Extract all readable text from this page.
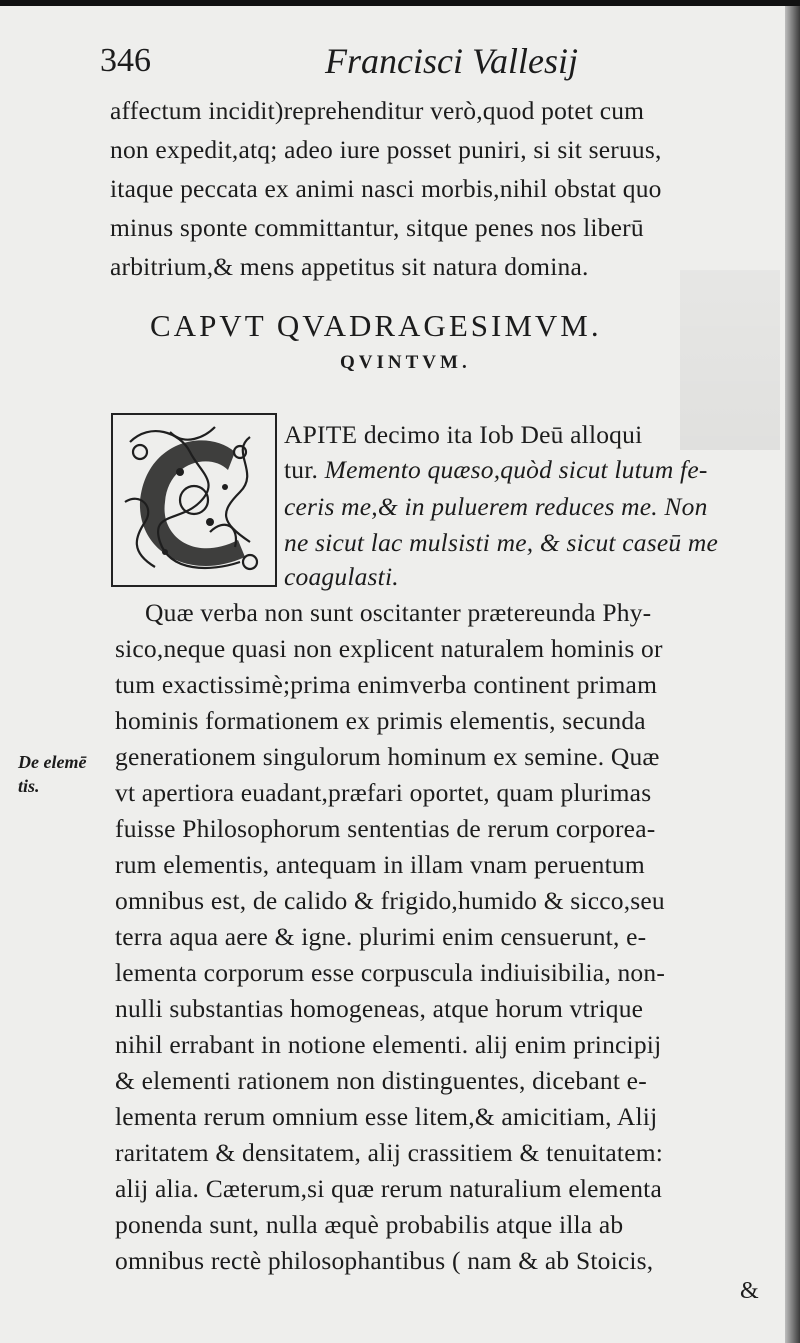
346	Francisci Vallesij
affectum incidit)reprehenditur verò,quod potet cum
non expedit,atq; adeo iure posset puniri, si sit seruus,
itaque peccata ex animi nasci morbis,nihil obstat quo
minus sponte committantur, sitque penes nos liberū
arbitrium,& mens appetitus sit natura domina.
CAPVT QVADRAGESIMVM.
QVINTVM.
APITE decimo ita Iob Deū alloqui
tur. Memento quæso,quòd sicut lutum fe-
ceris me,& in puluerem reduces me. Non
ne sicut lac mulsisti me, & sicut caseū me
coagulasti.
Quæ verba non sunt oscitanter prætereunda Phy-
sico,neque quasi non explicent naturalem hominis or
tum exactissimè;prima enimverba continent primam
hominis formationem ex primis elementis, secunda
generationem singulorum hominum ex semine. Quæ
vt apertiora euadant,præfari oportet, quam plurimas
fuisse Philosophorum sententias de rerum corporea-
rum elementis, antequam in illam vnam peruentum
omnibus est, de calido & frigido,humido & sicco,seu
terra aqua aere & igne. plurimi enim censuerunt, e-
lementa corporum esse corpuscula indiuisibilia, non-
nulli substantias homogeneas, atque horum vtrique
nihil errabant in notione elementi. alij enim principij
& elementi rationem non distinguentes, dicebant e-
lementa rerum omnium esse litem,& amicitiam, Alij
raritatem & densitatem, alij crassitiem & tenuitatem:
alij alia. Cæterum,si quæ rerum naturalium elementa
ponenda sunt, nulla æquè probabilis atque illa ab
omnibus rectè philosophantibus ( nam & ab Stoicis,
De elemē
tis.
&
